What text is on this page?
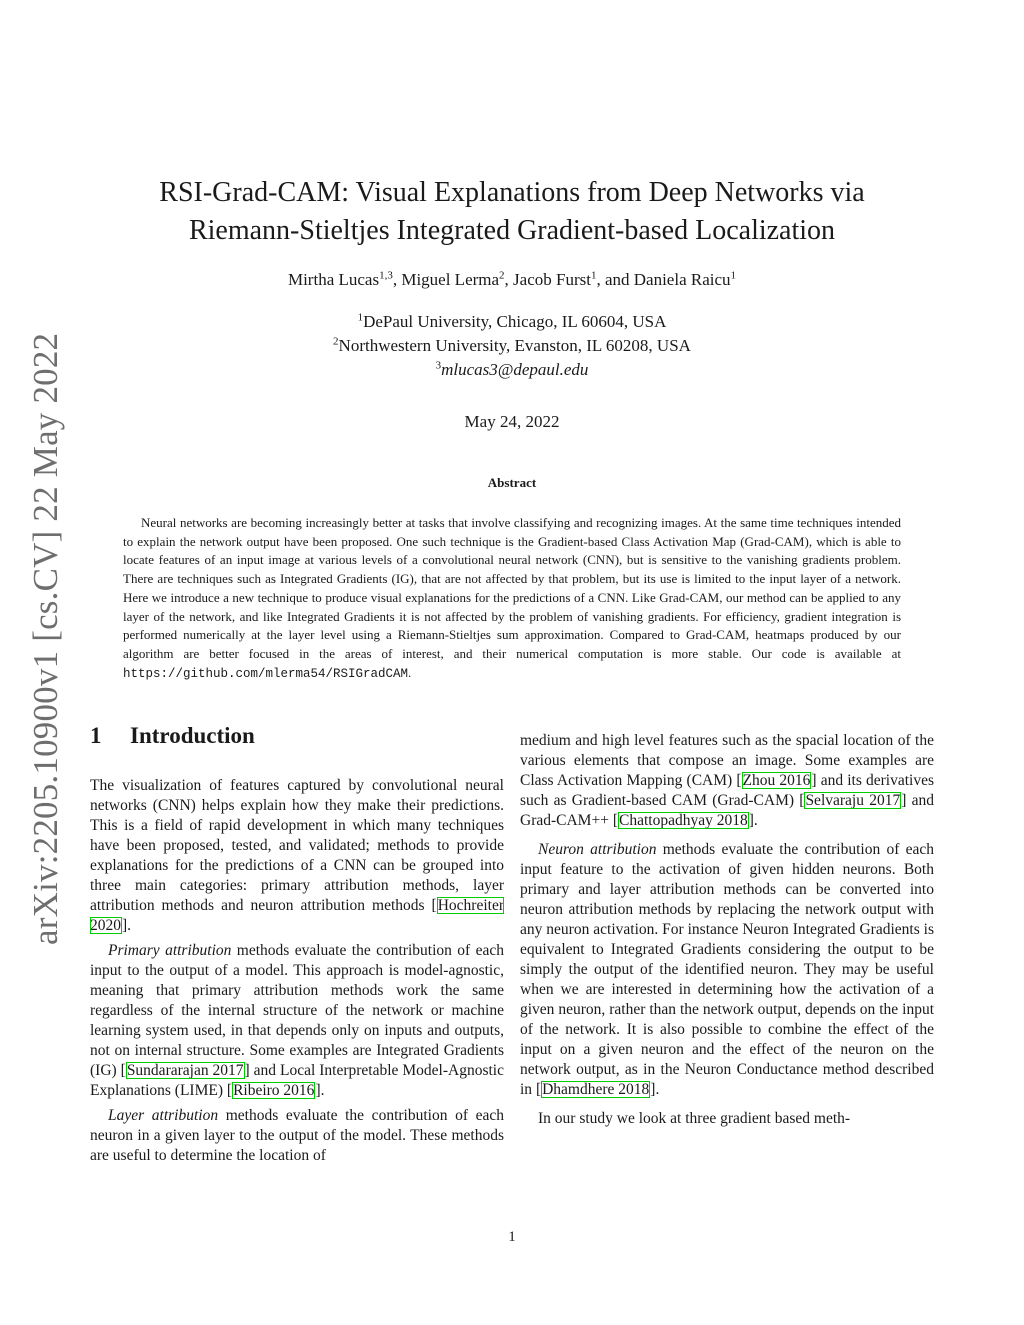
arXiv:2205.10900v1 [cs.CV] 22 May 2022
RSI-Grad-CAM: Visual Explanations from Deep Networks via
Riemann-Stieltjes Integrated Gradient-based Localization
Mirtha Lucas$^{1,3}$, Miguel Lerma$^2$, Jacob Furst$^1$, and Daniela Raicu$^1$
$^1$DePaul University, Chicago, IL 60604, USA
$^2$Northwestern University, Evanston, IL 60208, USA
$^3$mlucas3@depaul.edu
May 24, 2022
Abstract
Neural networks are becoming increasingly better at tasks that involve classifying and recognizing images. At the same time techniques intended to explain the network output have been proposed. One such technique is the Gradient-based Class Activation Map (Grad-CAM), which is able to locate features of an input image at various levels of a convolutional neural network (CNN), but is sensitive to the vanishing gradients problem. There are techniques such as Integrated Gradients (IG), that are not affected by that problem, but its use is limited to the input layer of a network. Here we introduce a new technique to produce visual explanations for the predictions of a CNN. Like Grad-CAM, our method can be applied to any layer of the network, and like Integrated Gradients it is not affected by the problem of vanishing gradients. For efficiency, gradient integration is performed numerically at the layer level using a Riemann-Stieltjes sum approximation. Compared to Grad-CAM, heatmaps produced by our algorithm are better focused in the areas of interest, and their numerical computation is more stable. Our code is available at https://github.com/mlerma54/RSIGradCAM.
1 Introduction

The visualization of features captured by convolutional neural networks (CNN) helps explain how they make their predictions. This is a field of rapid development in which many techniques have been proposed, tested, and validated; methods to provide explanations for the predictions of a CNN can be grouped into three main categories: primary attribution methods, layer attribution methods and neuron attribution methods [Hochreiter 2020].

Primary attribution methods evaluate the contribution of each input to the output of a model. This approach is model-agnostic, meaning that primary attribution methods work the same regardless of the internal structure of the network or machine learning system used, in that depends only on inputs and outputs, not on internal structure. Some examples are Integrated Gradients (IG) [Sundararajan 2017] and Local Interpretable Model-Agnostic Explanations (LIME) [Ribeiro 2016].

Layer attribution methods evaluate the contribution of each neuron in a given layer to the output of the model. These methods are useful to determine the location of

medium and high level features such as the spacial location of the various elements that compose an image. Some examples are Class Activation Mapping (CAM) [Zhou 2016] and its derivatives such as Gradient-based CAM (Grad-CAM) [Selvaraju 2017] and Grad-CAM++ [Chattopadhyay 2018].

Neuron attribution methods evaluate the contribution of each input feature to the activation of given hidden neurons. Both primary and layer attribution methods can be converted into neuron attribution methods by replacing the network output with any neuron activation. For instance Neuron Integrated Gradients is equivalent to Integrated Gradients considering the output to be simply the output of the identified neuron. They may be useful when we are interested in determining how the activation of a given neuron, rather than the network output, depends on the input of the network. It is also possible to combine the effect of the input on a given neuron and the effect of the neuron on the network output, as in the Neuron Conductance method described in [Dhamdhere 2018].

In our study we look at three gradient based meth-

1
